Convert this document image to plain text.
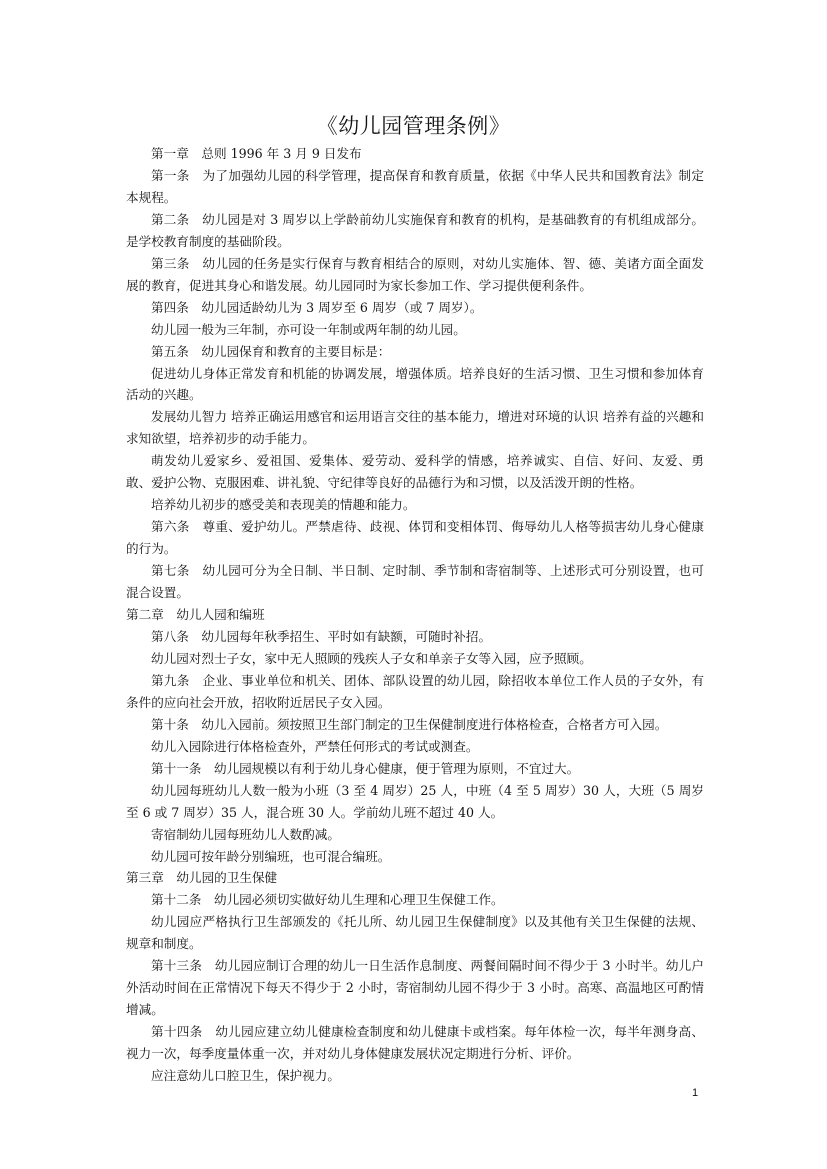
《幼儿园管理条例》

第一章　总则 1996 年 3 月 9 日发布

第一条　为了加强幼儿园的科学管理，提高保育和教育质量，依据《中华人民共和国教育法》制定本规程。

第二条　幼儿园是对 3 周岁以上学龄前幼儿实施保育和教育的机构，是基础教育的有机组成部分。是学校教育制度的基础阶段。

第三条　幼儿园的任务是实行保育与教育相结合的原则，对幼儿实施体、智、德、美诸方面全面发展的教育，促进其身心和谐发展。幼儿园同时为家长参加工作、学习提供便利条件。

第四条　幼儿园适龄幼儿为 3 周岁至 6 周岁（或 7 周岁）。

幼儿园一般为三年制，亦可设一年制或两年制的幼儿园。

第五条　幼儿园保育和教育的主要目标是：

促进幼儿身体正常发育和机能的协调发展，增强体质。培养良好的生活习惯、卫生习惯和参加体育活动的兴趣。

发展幼儿智力 培养正确运用感官和运用语言交往的基本能力，增进对环境的认识 培养有益的兴趣和求知欲望，培养初步的动手能力。

萌发幼儿爱家乡、爱祖国、爱集体、爱劳动、爱科学的情感，培养诚实、自信、好问、友爱、勇敢、爱护公物、克服困难、讲礼貌、守纪律等良好的品德行为和习惯，以及活泼开朗的性格。

培养幼儿初步的感受美和表现美的情趣和能力。

第六条　尊重、爱护幼儿。严禁虐待、歧视、体罚和变相体罚、侮辱幼儿人格等损害幼儿身心健康的行为。

第七条　幼儿园可分为全日制、半日制、定时制、季节制和寄宿制等、上述形式可分别设置，也可混合设置。

第二章　幼儿人园和编班

第八条　幼儿园每年秋季招生、平时如有缺额，可随时补招。

幼儿园对烈士子女，家中无人照顾的残疾人子女和单亲子女等入园，应予照顾。

第九条　企业、事业单位和机关、团体、部队设置的幼儿园，除招收本单位工作人员的子女外，有条件的应向社会开放，招收附近居民子女入园。

第十条　幼儿入园前。须按照卫生部门制定的卫生保健制度进行体格检查，合格者方可入园。

幼儿入园除进行体格检查外，严禁任何形式的考试或测查。

第十一条　幼儿园规模以有利于幼儿身心健康，便于管理为原则，不宜过大。

幼儿园每班幼儿人数一般为小班（3 至 4 周岁）25 人，中班（4 至 5 周岁）30 人，大班（5 周岁至 6 或 7 周岁）35 人，混合班 30 人。学前幼儿班不超过 40 人。

寄宿制幼儿园每班幼儿人数酌减。

幼儿园可按年龄分别编班，也可混合编班。

第三章　幼儿园的卫生保健

第十二条　幼儿园必须切实做好幼儿生理和心理卫生保健工作。

幼儿园应严格执行卫生部颁发的《托儿所、幼儿园卫生保健制度》以及其他有关卫生保健的法规、规章和制度。

第十三条　幼儿园应制订合理的幼儿一日生活作息制度、两餐间隔时间不得少于 3 小时半。幼儿户外活动时间在正常情况下每天不得少于 2 小时，寄宿制幼儿园不得少于 3 小时。高寒、高温地区可酌情增减。

第十四条　幼儿园应建立幼儿健康检查制度和幼儿健康卡或档案。每年体检一次，每半年测身高、视力一次，每季度量体重一次，并对幼儿身体健康发展状况定期进行分析、评价。

应注意幼儿口腔卫生，保护视力。

1
